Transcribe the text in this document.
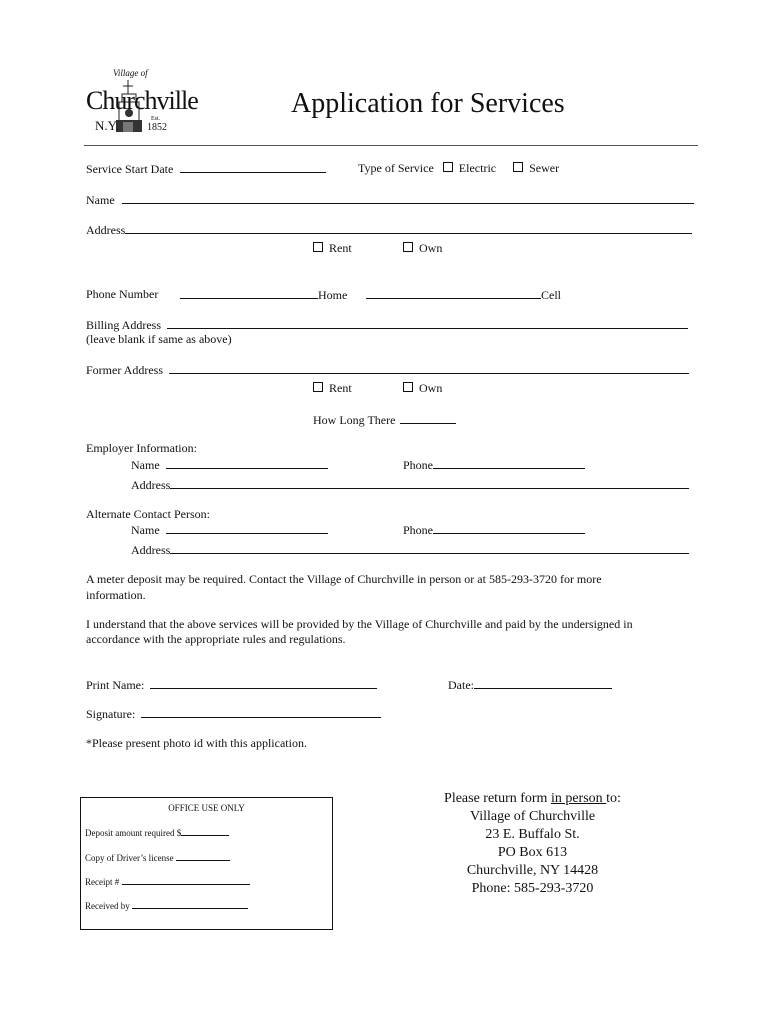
Village of
Churchville
N.Y.	Est.
1852
Application for Services
Service Start Date	Type of Service Electric	Sewer
Name
Address
Rent	Own
Phone Number	Home	Cell
Billing Address
(leave blank if same as above)
Former Address
Rent	Own
How Long There
Employer Information:
Name	Phone
Address
Alternate Contact Person:
Name	Phone
Address
A meter deposit may be required. Contact the Village of Churchville in person or at 585-293-3720 for more
information.
I understand that the above services will be provided by the Village of Churchville and paid by the undersigned in
accordance with the appropriate rules and regulations.
Print Name:	Date:
Signature:
*Please present photo id with this application.
OFFICE USE ONLY
Deposit amount required $
Copy of Driver’s license
Receipt #
Received by
Please return form in person to:
Village of Churchville
23 E. Buffalo St.
PO Box 613
Churchville, NY 14428
Phone: 585-293-3720
